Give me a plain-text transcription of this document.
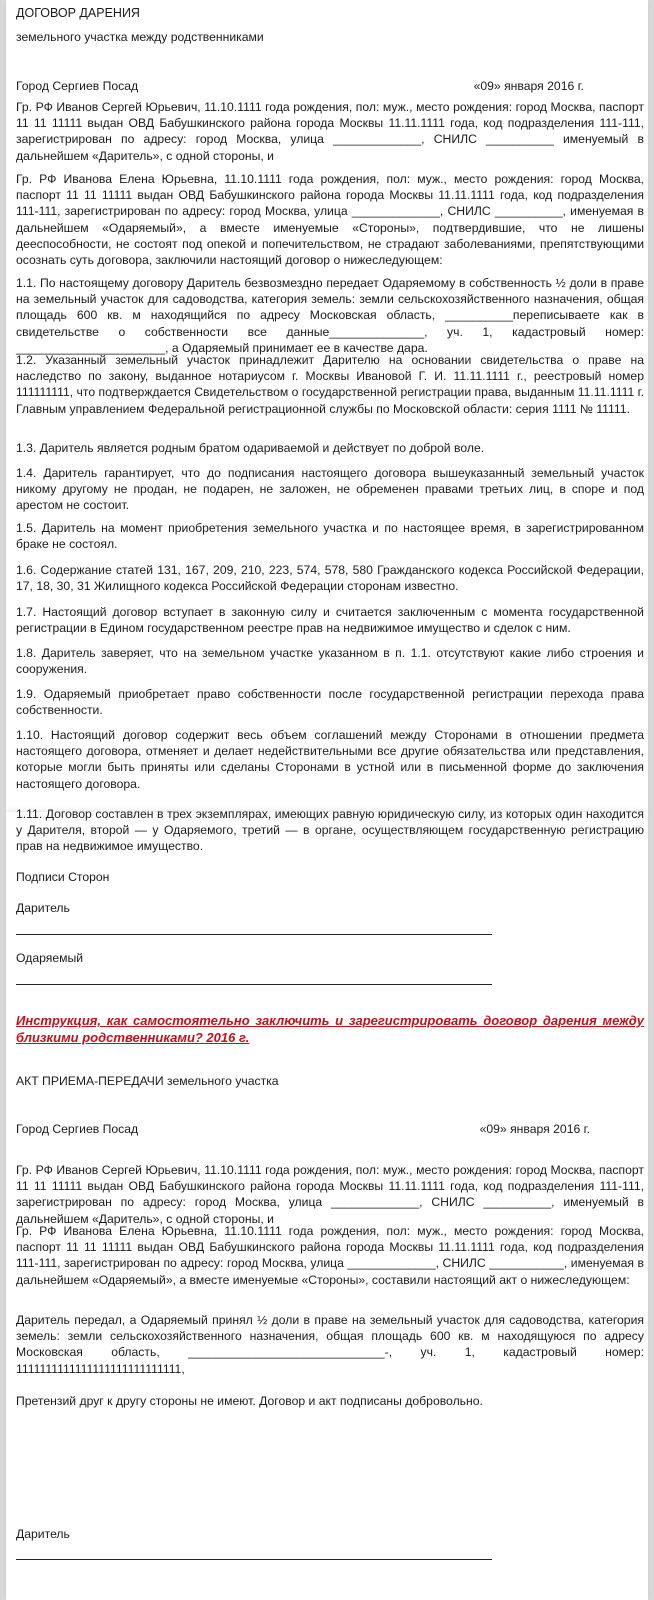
ДОГОВОР ДАРЕНИЯ
земельного участка между родственниками
Город Сергиев Посад	«09» января 2016 г.

Гр. РФ Иванов Сергей Юрьевич, 11.10.1111 года рождения, пол: муж., место рождения: город Москва, паспорт 11 11 11111 выдан ОВД Бабушкинского района города Москвы 11.11.1111 года, код подразделения 111-111, зарегистрирован по адресу: город Москва, улица _____________, СНИЛС __________ именуемый в дальнейшем «Даритель», с одной стороны, и

Гр. РФ Иванова Елена Юрьевна, 11.10.1111 года рождения, пол: муж., место рождения: город Москва, паспорт 11 11 11111 выдан ОВД Бабушкинского района города Москвы 11.11.1111 года, код подразделения 111-111, зарегистрирован по адресу: город Москва, улица _____________, СНИЛС __________, именуемая в дальнейшем «Одаряемый», а вместе именуемые «Стороны», подтвердившие, что не лишены дееспособности, не состоят под опекой и попечительством, не страдают заболеваниями, препятствующими осознать суть договора, заключили настоящий договор о нижеследующем:

1.1. По настоящему договору Даритель безвозмездно передает Одаряемому в собственность ½ доли в праве на земельный участок для садоводства, категория земель: земли сельскохозяйственного назначения, общая площадь 600 кв. м находящийся по адресу Московская область, __________переписываете как в свидетельстве о собственности все данные______________, уч. 1, кадастровый номер: ______________________, а Одаряемый принимает ее в качестве дара.

1.2. Указанный земельный участок принадлежит Дарителю на основании свидетельства о праве на наследство по закону, выданное нотариусом г. Москвы Ивановой Г. И. 11.11.1111 г., реестровый номер 111111111, что подтверждается Свидетельством о государственной регистрации права, выданным 11.11.1111 г. Главным управлением Федеральной регистрационной службы по Московской области: серия 1111 № 11111.

1.3. Даритель является родным братом одариваемой и действует по доброй воле.

1.4. Даритель гарантирует, что до подписания настоящего договора вышеуказанный земельный участок никому другому не продан, не подарен, не заложен, не обременен правами третьих лиц, в споре и под арестом не состоит.

1.5. Даритель на момент приобретения земельного участка и по настоящее время, в зарегистрированном браке не состоял.

1.6. Содержание статей 131, 167, 209, 210, 223, 574, 578, 580 Гражданского кодекса Российской Федерации, 17, 18, 30, 31 Жилищного кодекса Российской Федерации сторонам известно.

1.7. Настоящий договор вступает в законную силу и считается заключенным с момента государственной регистрации в Едином государственном реестре прав на недвижимое имущество и сделок с ним.

1.8. Даритель заверяет, что на земельном участке указанном в п. 1.1. отсутствуют какие либо строения и сооружения.

1.9. Одаряемый приобретает право собственности после государственной регистрации перехода права собственности.

1.10. Настоящий договор содержит весь объем соглашений между Сторонами в отношении предмета настоящего договора, отменяет и делает недействительными все другие обязательства или представления, которые могли быть приняты или сделаны Сторонами в устной или в письменной форме до заключения настоящего договора.

1.11. Договор составлен в трех экземплярах, имеющих равную юридическую силу, из которых один находится у Дарителя, второй — у Одаряемого, третий — в органе, осуществляющем государственную регистрацию прав на недвижимое имущество.

Подписи Сторон
Даритель
Одаряемый

Инструкция, как самостоятельно заключить и зарегистрировать договор дарения между близкими родственниками? 2016 г.

АКТ ПРИЕМА-ПЕРЕДАЧИ земельного участка
Город Сергиев Посад	«09» января 2016 г.

Гр. РФ Иванов Сергей Юрьевич, 11.10.1111 года рождения, пол: муж., место рождения: город Москва, паспорт 11 11 11111 выдан ОВД Бабушкинского района города Москвы 11.11.1111 года, код подразделения 111-111, зарегистрирован по адресу: город Москва, улица _____________, СНИЛС __________, именуемый в дальнейшем «Даритель», с одной стороны, и

Гр. РФ Иванова Елена Юрьевна, 11.10.1111 года рождения, пол: муж., место рождения: город Москва, паспорт 11 11 11111 выдан ОВД Бабушкинского района города Москвы 11.11.1111 года, код подразделения 111-111, зарегистрирован по адресу: город Москва, улица _____________, СНИЛС ___________, именуемая в дальнейшем «Одаряемый», а вместе именуемые «Стороны», составили настоящий акт о нижеследующем:

Даритель передал, а Одаряемый принял ½ доли в праве на земельный участок для садоводства, категория земель: земли сельскохозяйственного назначения, общая площадь 600 кв. м находящуюся по адресу Московская область, _____________________________-, уч. 1, кадастровый номер: 1111111111111111111111111111,

Претензий друг к другу стороны не имеют. Договор и акт подписаны добровольно.
Даритель
